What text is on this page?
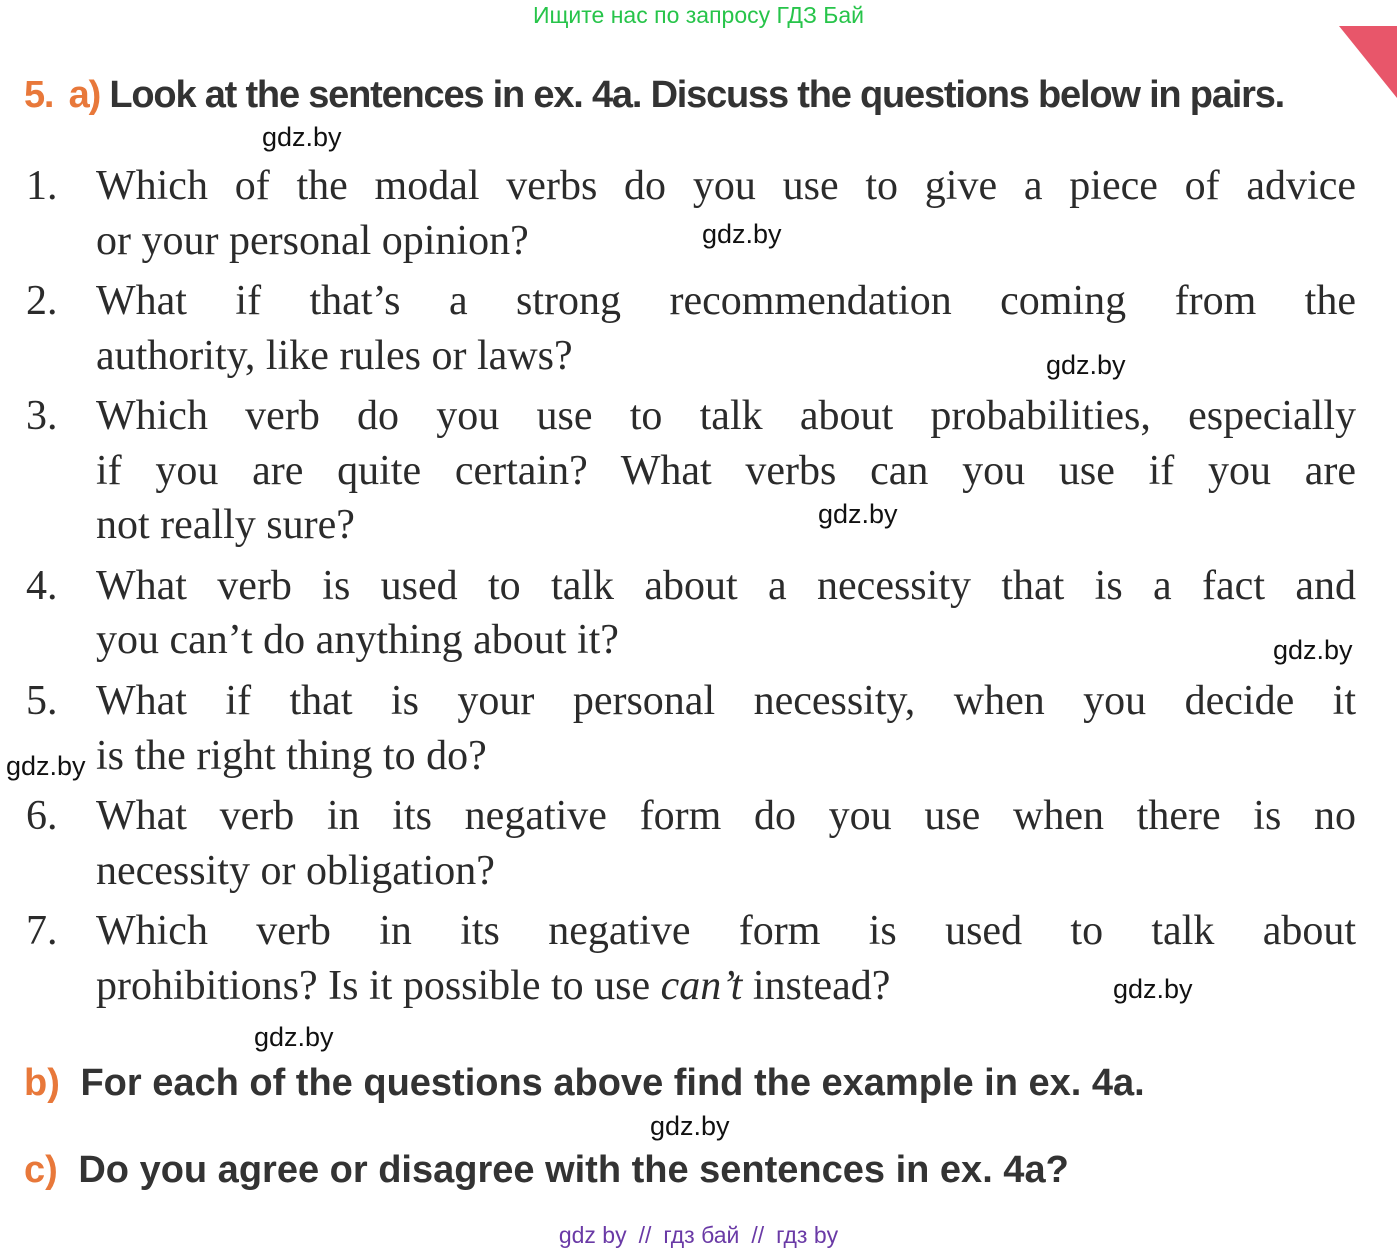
Ищите нас по запросу ГДЗ Бай
5. a) Look at the sentences in ex. 4a. Discuss the questions below in pairs.
1. Which of the modal verbs do you use to give a piece of advice
or your personal opinion?
2. What if that’s a strong recommendation coming from the
authority, like rules or laws?
3. Which verb do you use to talk about probabilities, especially
if you are quite certain? What verbs can you use if you are
not really sure?
4. What verb is used to talk about a necessity that is a fact and
you can’t do anything about it?
5. What if that is your personal necessity, when you decide it
is the right thing to do?
6. What verb in its negative form do you use when there is no
necessity or obligation?
7. Which verb in its negative form is used to talk about
prohibitions? Is it possible to use can’t instead?
b) For each of the questions above find the example in ex. 4a.
c) Do you agree or disagree with the sentences in ex. 4a?
gdz.by
gdz.by
gdz.by
gdz.by
gdz.by
gdz.by
gdz.by
gdz.by
gdz.by
gdz by // гдз бай // гдз by
